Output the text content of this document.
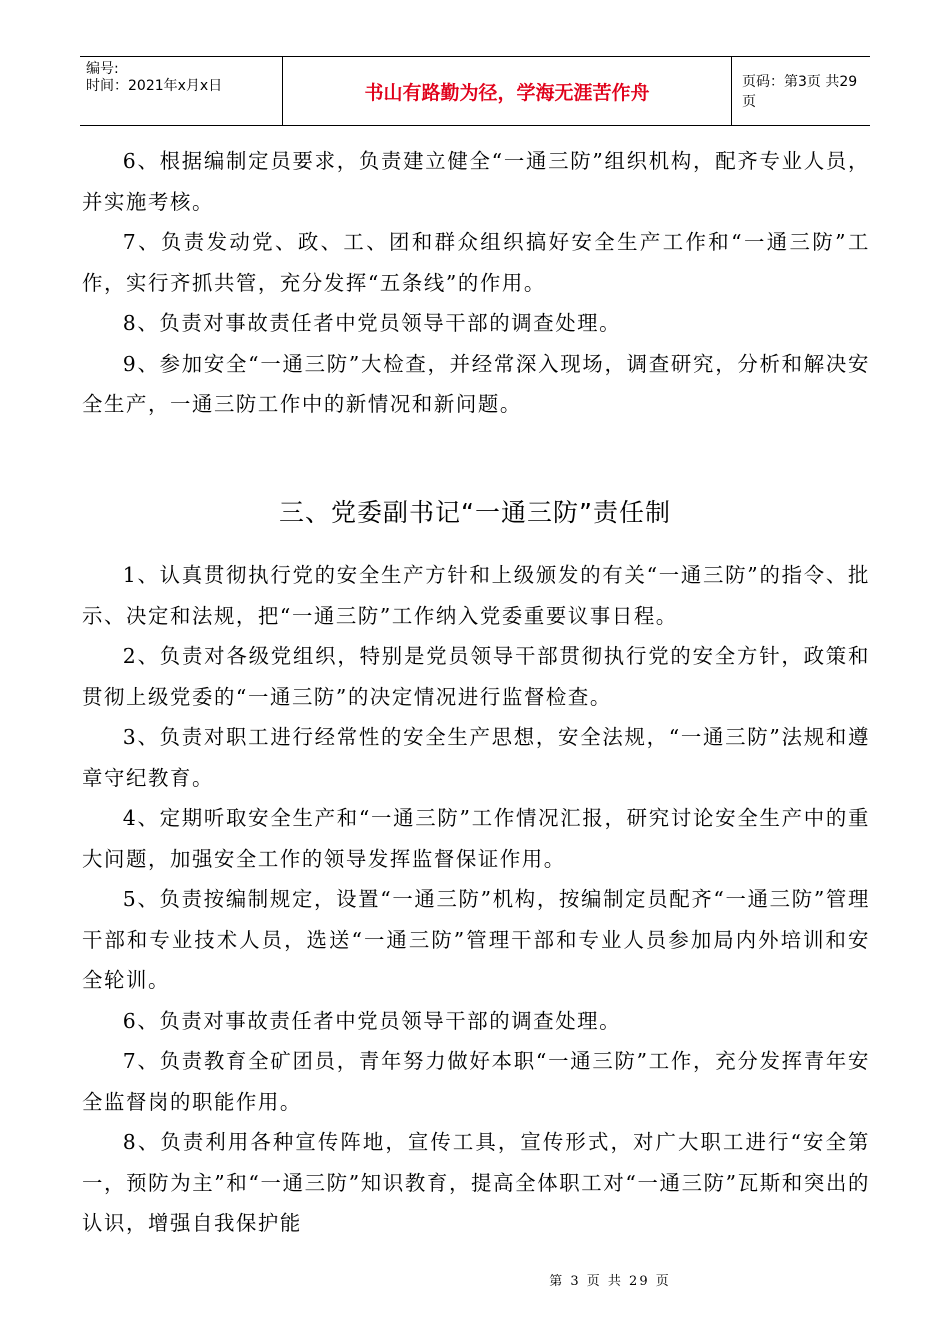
编号:
时间：2021年x月x日	书山有路勤为径，学海无涯苦作舟	页码：第3页 共29页

6、根据编制定员要求，负责建立健全“一通三防”组织机构，配齐专业人员，并实施考核。

7、负责发动党、政、工、团和群众组织搞好安全生产工作和“一通三防”工作，实行齐抓共管，充分发挥“五条线”的作用。

8、负责对事故责任者中党员领导干部的调查处理。

9、参加安全“一通三防”大检查，并经常深入现场，调查研究，分析和解决安全生产，一通三防工作中的新情况和新问题。

三、党委副书记“一通三防”责任制

1、认真贯彻执行党的安全生产方针和上级颁发的有关“一通三防”的指令、批示、决定和法规，把“一通三防”工作纳入党委重要议事日程。

2、负责对各级党组织，特别是党员领导干部贯彻执行党的安全方针，政策和贯彻上级党委的“一通三防”的决定情况进行监督检查。

3、负责对职工进行经常性的安全生产思想，安全法规，“一通三防”法规和遵章守纪教育。

4、定期听取安全生产和“一通三防”工作情况汇报，研究讨论安全生产中的重大问题，加强安全工作的领导发挥监督保证作用。

5、负责按编制规定，设置“一通三防”机构，按编制定员配齐“一通三防”管理干部和专业技术人员，选送“一通三防”管理干部和专业人员参加局内外培训和安全轮训。

6、负责对事故责任者中党员领导干部的调查处理。

7、负责教育全矿团员，青年努力做好本职“一通三防”工作，充分发挥青年安全监督岗的职能作用。

8、负责利用各种宣传阵地，宣传工具，宣传形式，对广大职工进行“安全第一，预防为主”和“一通三防”知识教育，提高全体职工对“一通三防”瓦斯和突出的认识，增强自我保护能

第 3 页 共 29 页
